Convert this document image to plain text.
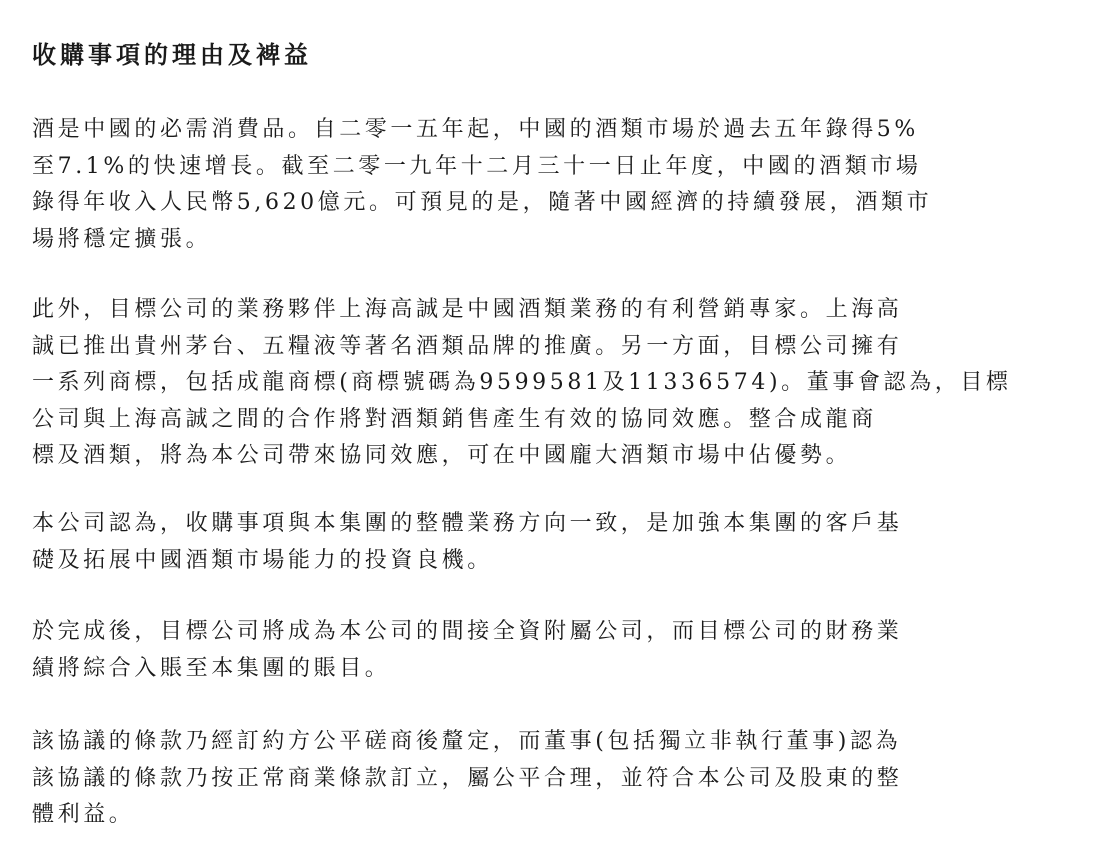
收購事項的理由及裨益
酒是中國的必需消費品。自二零一五年起，中國的酒類市場於過去五年錄得5%
至7.1%的快速增長。截至二零一九年十二月三十一日止年度，中國的酒類市場
錄得年收入人民幣5,620億元。可預見的是，隨著中國經濟的持續發展，酒類市
場將穩定擴張。
此外，目標公司的業務夥伴上海高誠是中國酒類業務的有利營銷專家。上海高
誠已推出貴州茅台、五糧液等著名酒類品牌的推廣。另一方面，目標公司擁有
一系列商標，包括成龍商標(商標號碼為9599581及11336574)。董事會認為，目標
公司與上海高誠之間的合作將對酒類銷售產生有效的協同效應。整合成龍商
標及酒類，將為本公司帶來協同效應，可在中國龐大酒類市場中佔優勢。
本公司認為，收購事項與本集團的整體業務方向一致，是加強本集團的客戶基
礎及拓展中國酒類市場能力的投資良機。
於完成後，目標公司將成為本公司的間接全資附屬公司，而目標公司的財務業
績將綜合入賬至本集團的賬目。
該協議的條款乃經訂約方公平磋商後釐定，而董事(包括獨立非執行董事)認為
該協議的條款乃按正常商業條款訂立，屬公平合理，並符合本公司及股東的整
體利益。
